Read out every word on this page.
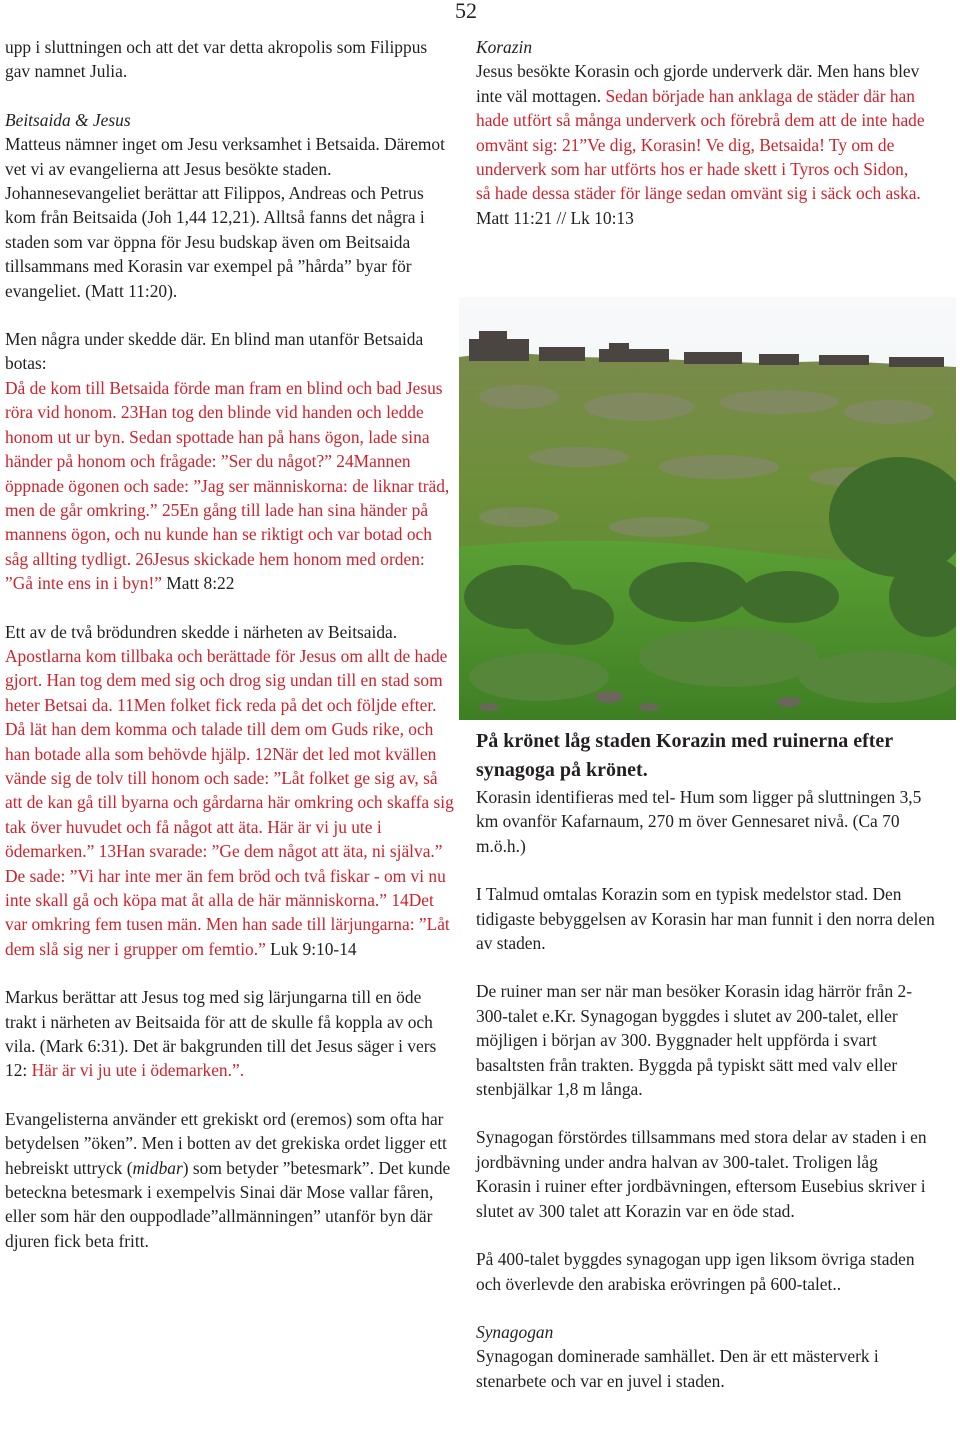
52

upp i sluttningen och att det var detta akropolis som Filippus gav namnet Julia.

Beitsaida & Jesus

Matteus nämner inget om Jesu verksamhet i Betsaida. Däremot vet vi av evangelierna att Jesus besökte staden. Johannesevangeliet berättar att Filippos, Andreas och Petrus kom från Beitsaida (Joh 1,44 12,21). Alltså fanns det några i staden som var öppna för Jesu budskap även om Beitsaida tillsammans med Korasin var exempel på ”hårda” byar för evangeliet. (Matt 11:20).

Men några under skedde där. En blind man utanför Betsaida botas:

Då de kom till Betsaida förde man fram en blind och bad Jesus röra vid honom. 23Han tog den blinde vid handen och ledde honom ut ur byn. Sedan spottade han på hans ögon, lade sina händer på honom och frågade: ”Ser du något?” 24Mannen öppnade ögonen och sade: ”Jag ser människorna: de liknar träd, men de går omkring.” 25En gång till lade han sina händer på mannens ögon, och nu kunde han se riktigt och var botad och såg allting tydligt. 26Jesus skickade hem honom med orden: ”Gå inte ens in i byn!” Matt 8:22

Ett av de två brödundren skedde i närheten av Beitsaida.

Apostlarna kom tillbaka och berättade för Jesus om allt de hade gjort. Han tog dem med sig och drog sig undan till en stad som heter Betsai da. 11Men folket fick reda på det och följde efter. Då lät han dem komma och talade till dem om Guds rike, och han botade alla som behövde hjälp. 12När det led mot kvällen vände sig de tolv till honom och sade: ”Låt folket ge sig av, så att de kan gå till byarna och gårdarna här omkring och skaffa sig tak över huvudet och få något att äta. Här är vi ju ute i ödemarken.” 13Han svarade: ”Ge dem något att äta, ni själva.” De sade: ”Vi har inte mer än fem bröd och två fiskar - om vi nu inte skall gå och köpa mat åt alla de här människorna.” 14Det var omkring fem tusen män. Men han sade till lärjungarna: ”Låt dem slå sig ner i grupper om femtio.” Luk 9:10-14

Markus berättar att Jesus tog med sig lärjungarna till en öde trakt i närheten av Beitsaida för att de skulle få koppla av och vila. (Mark 6:31). Det är bakgrunden till det Jesus säger i vers 12: Här är vi ju ute i ödemarken.”.

Evangelisterna använder ett grekiskt ord (eremos) som ofta har betydelsen ”öken”. Men i botten av det grekiska ordet ligger ett hebreiskt uttryck (midbar) som betyder ”betesmark”. Det kunde beteckna betesmark i exempelvis Sinai där Mose vallar fåren, eller som här den ouppodlade”allmänningen” utanför byn där djuren fick beta fritt.

Korazin

Jesus besökte Korasin och gjorde underverk där. Men hans blev inte väl mottagen. Sedan började han anklaga de städer där han hade utfört så många underverk och förebrå dem att de inte hade omvänt sig: 21”Ve dig, Korasin! Ve dig, Betsaida! Ty om de underverk som har utförts hos er hade skett i Tyros och Sidon, så hade dessa städer för länge sedan omvänt sig i säck och aska. Matt 11:21 // Lk 10:13

På krönet låg staden Korazin med ruinerna efter synagoga på krönet.

Korasin identifieras med tel- Hum som ligger på sluttningen 3,5 km ovanför Kafarnaum, 270 m över Gennesaret nivå. (Ca 70 m.ö.h.)

I Talmud omtalas Korazin som en typisk medelstor stad. Den tidigaste bebyggelsen av Korasin har man funnit i den norra delen av staden.

De ruiner man ser när man besöker Korasin idag härrör från 2-300-talet e.Kr. Synagogan byggdes i slutet av 200-talet, eller möjligen i början av 300. Byggnader helt uppförda i svart basaltsten från trakten. Byggda på typiskt sätt med valv eller stenbjälkar 1,8 m långa.

Synagogan förstördes tillsammans med stora delar av staden i en jordbävning under andra halvan av 300-talet. Troligen låg Korasin i ruiner efter jordbävningen, eftersom Eusebius skriver i slutet av 300 talet att Korazin var en öde stad.

På 400-talet byggdes synagogan upp igen liksom övriga staden och överlevde den arabiska erövringen på 600-talet..

Synagogan

Synagogan dominerade samhället. Den är ett mästerverk i stenarbete och var en juvel i staden.
